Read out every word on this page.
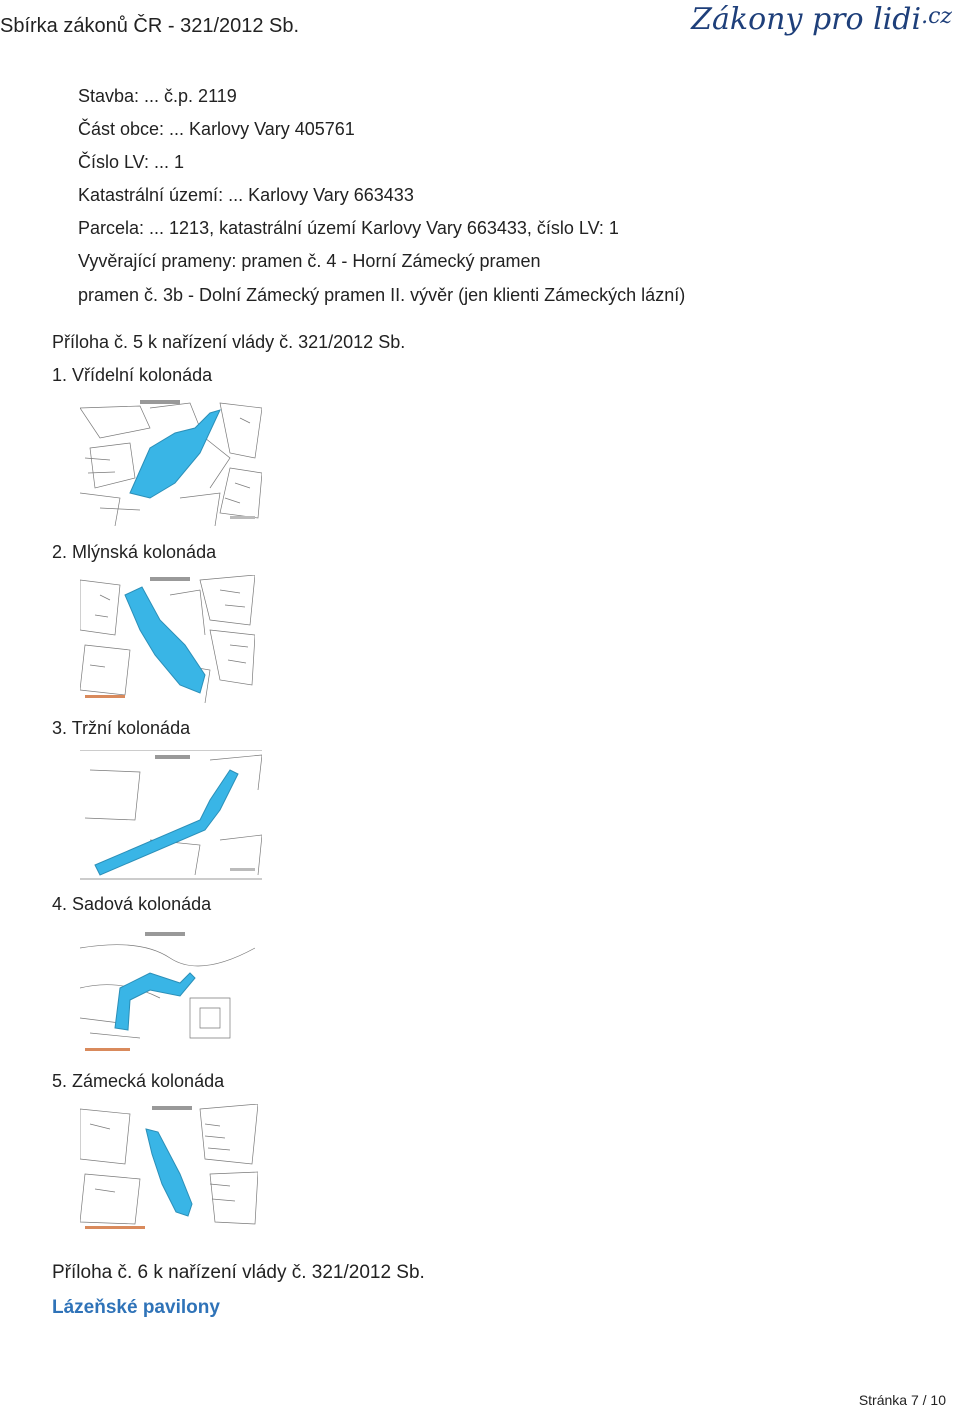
Sbírka zákonů ČR - 321/2012 Sb.	Zákony pro lidi.cz
Stavba: ... č.p. 2119
Část obce: ... Karlovy Vary 405761
Číslo LV: ... 1
Katastrální území: ... Karlovy Vary 663433
Parcela: ... 1213, katastrální území Karlovy Vary 663433, číslo LV: 1
Vyvěrající prameny: pramen č. 4 - Horní Zámecký pramen
pramen č. 3b - Dolní Zámecký pramen II. vývěr (jen klienti Zámeckých lázní)
Příloha č. 5 k nařízení vlády č. 321/2012 Sb.
1. Vřídelní kolonáda
2. Mlýnská kolonáda
3. Tržní kolonáda
4. Sadová kolonáda
5. Zámecká kolonáda
Příloha č. 6 k nařízení vlády č. 321/2012 Sb.
Lázeňské pavilony
Stránka 7 / 10
